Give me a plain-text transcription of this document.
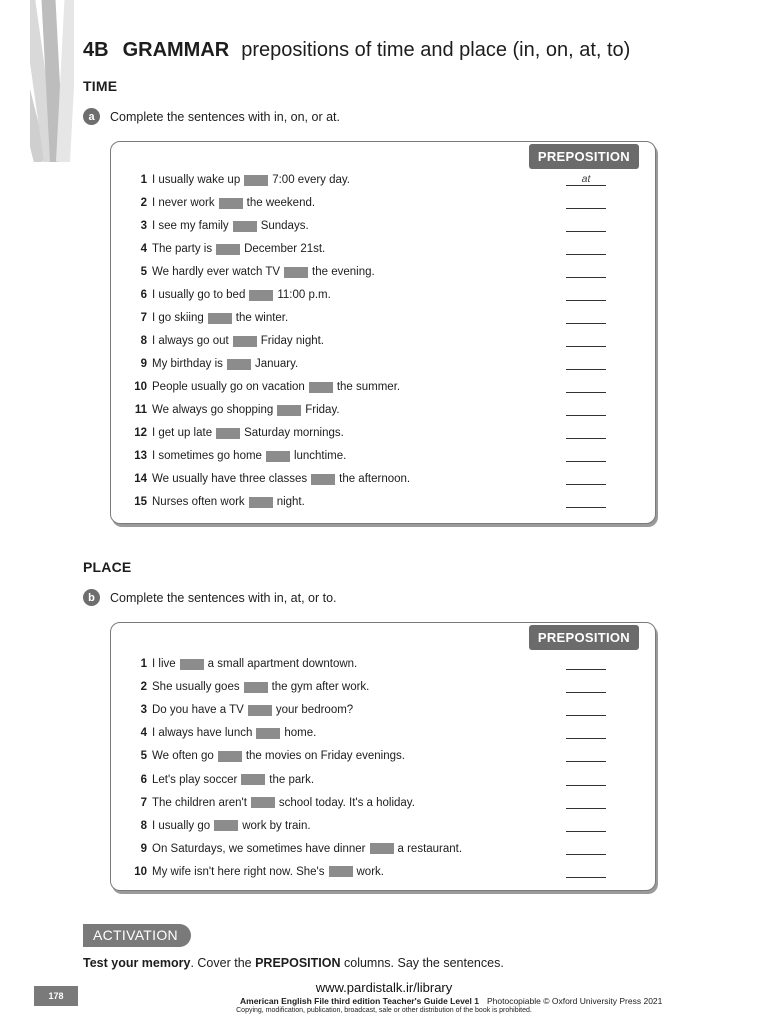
4B GRAMMAR prepositions of time and place (in, on, at, to)
TIME
a	Complete the sentences with in, on, or at.
PREPOSITION
1 I usually wake up	7:00 every day.	at
2 I never work	the weekend.
3 I see my family	Sundays.
4 The party is	December 21st.
5 We hardly ever watch TV	the evening.
6 I usually go to bed	11:00 p.m.
7 I go skiing	the winter.
8 I always go out	Friday night.
9 My birthday is	January.
10 People usually go on vacation	the summer.
11 We always go shopping	Friday.
12 I get up late	Saturday mornings.
13 I sometimes go home	lunchtime.
14 We usually have three classes	the afternoon.
15 Nurses often work	night.
PLACE
b	Complete the sentences with in, at, or to.
PREPOSITION
1 I live	a small apartment downtown.
2 She usually goes	the gym after work.
3 Do you have a TV	your bedroom?
4 I always have lunch	home.
5 We often go	the movies on Friday evenings.
6 Let's play soccer	the park.
7 The children aren't	school today. It's a holiday.
8 I usually go	work by train.
9 On Saturdays, we sometimes have dinner	a restaurant.
10 My wife isn't here right now. She's	work.
ACTIVATION
Test your memory. Cover the PREPOSITION columns. Say the sentences.
178
www.pardistalk.ir/library
American English File third edition Teacher's Guide Level 1 Photocopiable © Oxford University Press 2021
Copying, modification, publication, broadcast, sale or other distribution of the book is prohibited.
